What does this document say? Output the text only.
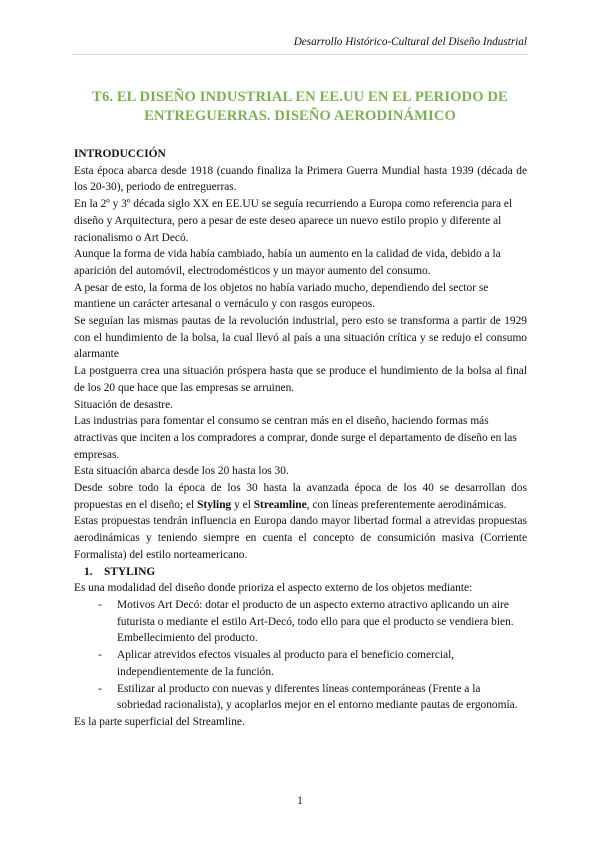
Desarrollo Histórico-Cultural del Diseño Industrial
T6. EL DISEÑO INDUSTRIAL EN EE.UU EN EL PERIODO DE ENTREGUERRAS. DISEÑO AERODINÁMICO

INTRODUCCIÓN

Esta época abarca desde 1918 (cuando finaliza la Primera Guerra Mundial hasta 1939 (década de los 20-30), periodo de entreguerras.

En la 2º y 3º década siglo XX en EE.UU se seguía recurriendo a Europa como referencia para el diseño y Arquitectura, pero a pesar de este deseo aparece un nuevo estilo propio y diferente al racionalismo o Art Decó.

Aunque la forma de vida había cambiado, había un aumento en la calidad de vida, debido a la aparición del automóvil, electrodomésticos y un mayor aumento del consumo.

A pesar de esto, la forma de los objetos no había variado mucho, dependiendo del sector se mantiene un carácter artesanal o vernáculo y con rasgos europeos.

Se seguían las mismas pautas de la revolución industrial, pero esto se transforma a partir de 1929 con el hundimiento de la bolsa, la cual llevó al país a una situación crítica y se redujo el consumo alarmante

La postguerra crea una situación próspera hasta que se produce el hundimiento de la bolsa al final de los 20 que hace que las empresas se arruinen.

Situación de desastre.

Las industrias para fomentar el consumo se centran más en el diseño, haciendo formas más atractivas que inciten a los compradores a comprar, donde surge el departamento de diseño en las empresas.

Esta situación abarca desde los 20 hasta los 30.

Desde sobre todo la época de los 30 hasta la avanzada época de los 40 se desarrollan dos propuestas en el diseño; el Styling y el Streamline, con líneas preferentemente aerodinámicas.

Estas propuestas tendrán influencia en Europa dando mayor libertad formal a atrevidas propuestas aerodinámicas y teniendo siempre en cuenta el concepto de consumición masiva (Corriente Formalista) del estilo norteamericano.

1. STYLING

Es una modalidad del diseño donde prioriza el aspecto externo de los objetos mediante:

- Motivos Art Decó: dotar el producto de un aspecto externo atractivo aplicando un aire futurista o mediante el estilo Art-Decó, todo ello para que el producto se vendiera bien. Embellecimiento del producto.
- Aplicar atrevidos efectos visuales al producto para el beneficio comercial, independientemente de la función.
- Estilizar al producto con nuevas y diferentes líneas contemporáneas (Frente a la sobriedad racionalista), y acoplarlos mejor en el entorno mediante pautas de ergonomía.

Es la parte superficial del Streamline.

1
